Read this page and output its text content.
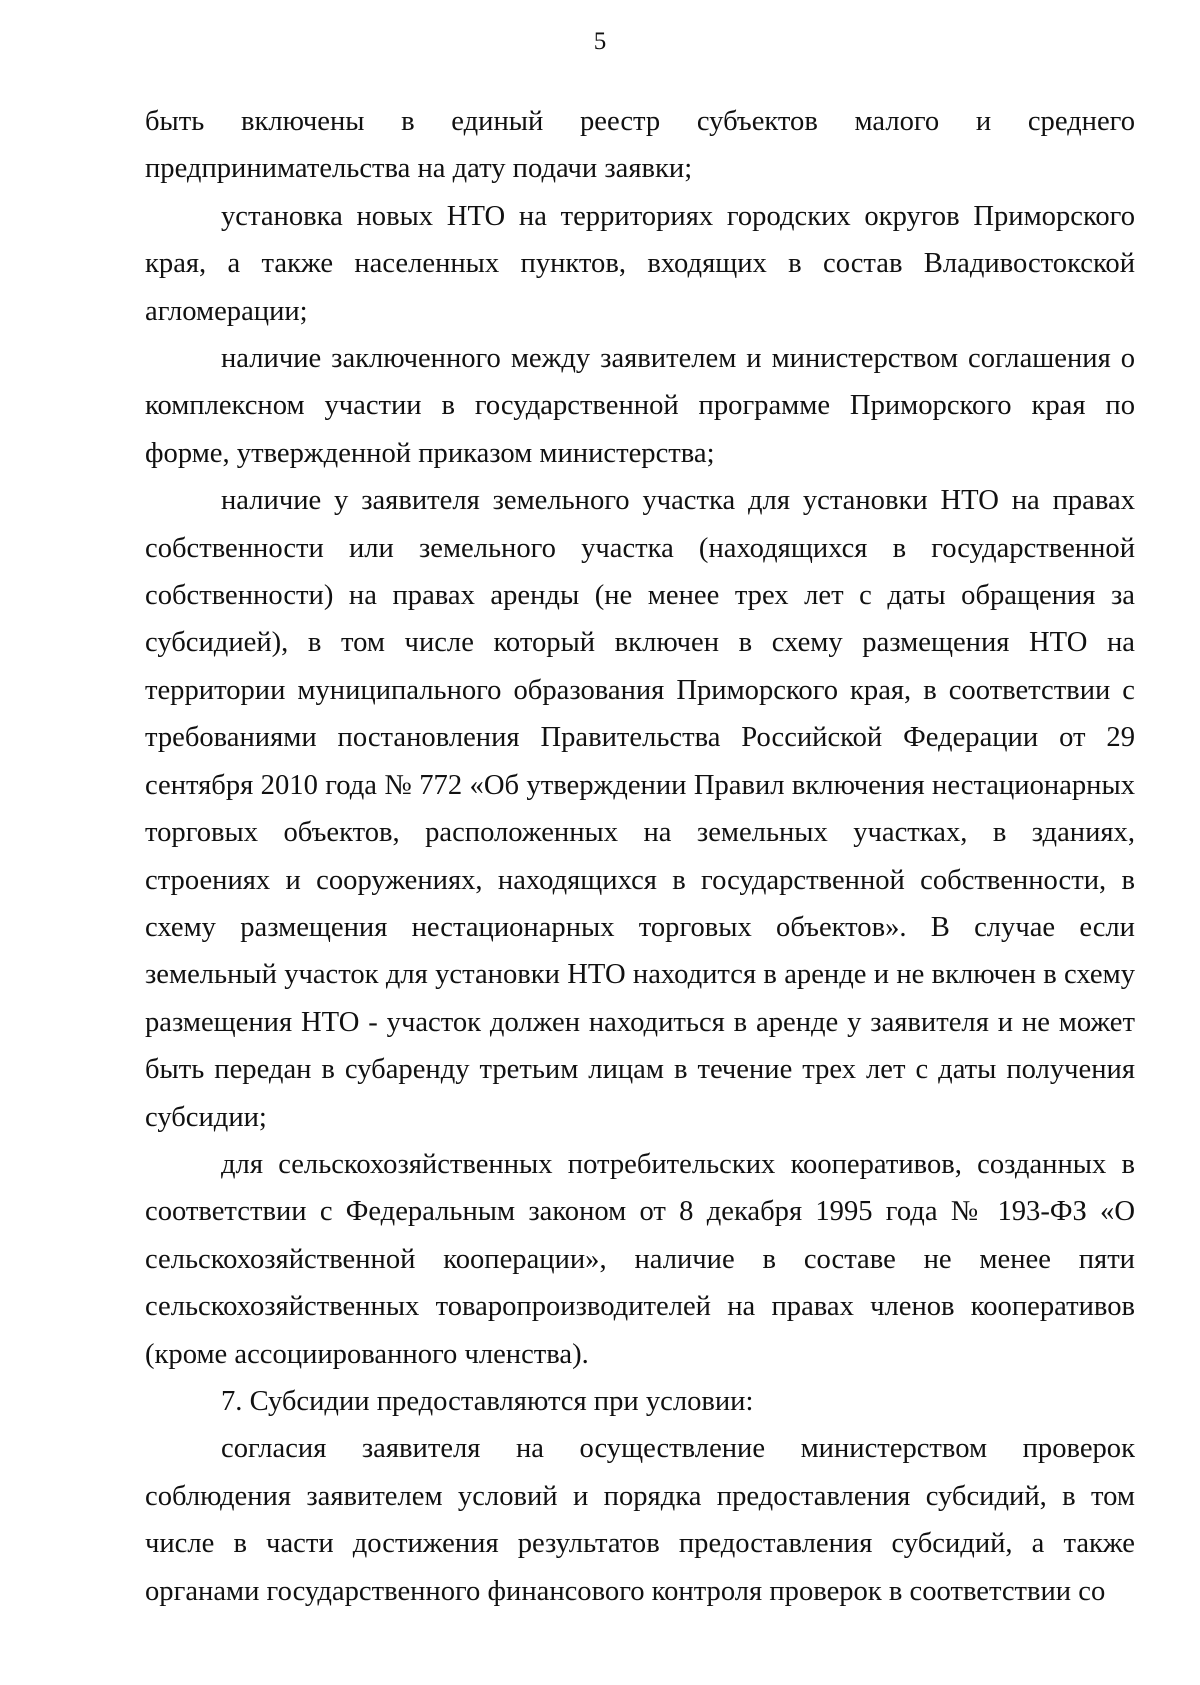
5

быть включены в единый реестр субъектов малого и среднего предпринимательства на дату подачи заявки;

установка новых НТО на территориях городских округов Приморского края, а также населенных пунктов, входящих в состав Владивостокской агломерации;

наличие заключенного между заявителем и министерством соглашения о комплексном участии в государственной программе Приморского края по форме, утвержденной приказом министерства;

наличие у заявителя земельного участка для установки НТО на правах собственности или земельного участка (находящихся в государственной собственности) на правах аренды (не менее трех лет с даты обращения за субсидией), в том числе который включен в схему размещения НТО на территории муниципального образования Приморского края, в соответствии с требованиями постановления Правительства Российской Федерации от 29 сентября 2010 года № 772 «Об утверждении Правил включения нестационарных торговых объектов, расположенных на земельных участках, в зданиях, строениях и сооружениях, находящихся в государственной собственности, в схему размещения нестационарных торговых объектов». В случае если земельный участок для установки НТО находится в аренде и не включен в схему размещения НТО - участок должен находиться в аренде у заявителя и не может быть передан в субаренду третьим лицам в течение трех лет с даты получения субсидии;

для сельскохозяйственных потребительских кооперативов, созданных в соответствии с Федеральным законом от 8 декабря 1995 года № 193-ФЗ «О сельскохозяйственной кооперации», наличие в составе не менее пяти сельскохозяйственных товаропроизводителей на правах членов кооперативов (кроме ассоциированного членства).

7. Субсидии предоставляются при условии:

согласия заявителя на осуществление министерством проверок соблюдения заявителем условий и порядка предоставления субсидий, в том числе в части достижения результатов предоставления субсидий, а также органами государственного финансового контроля проверок в соответствии со
